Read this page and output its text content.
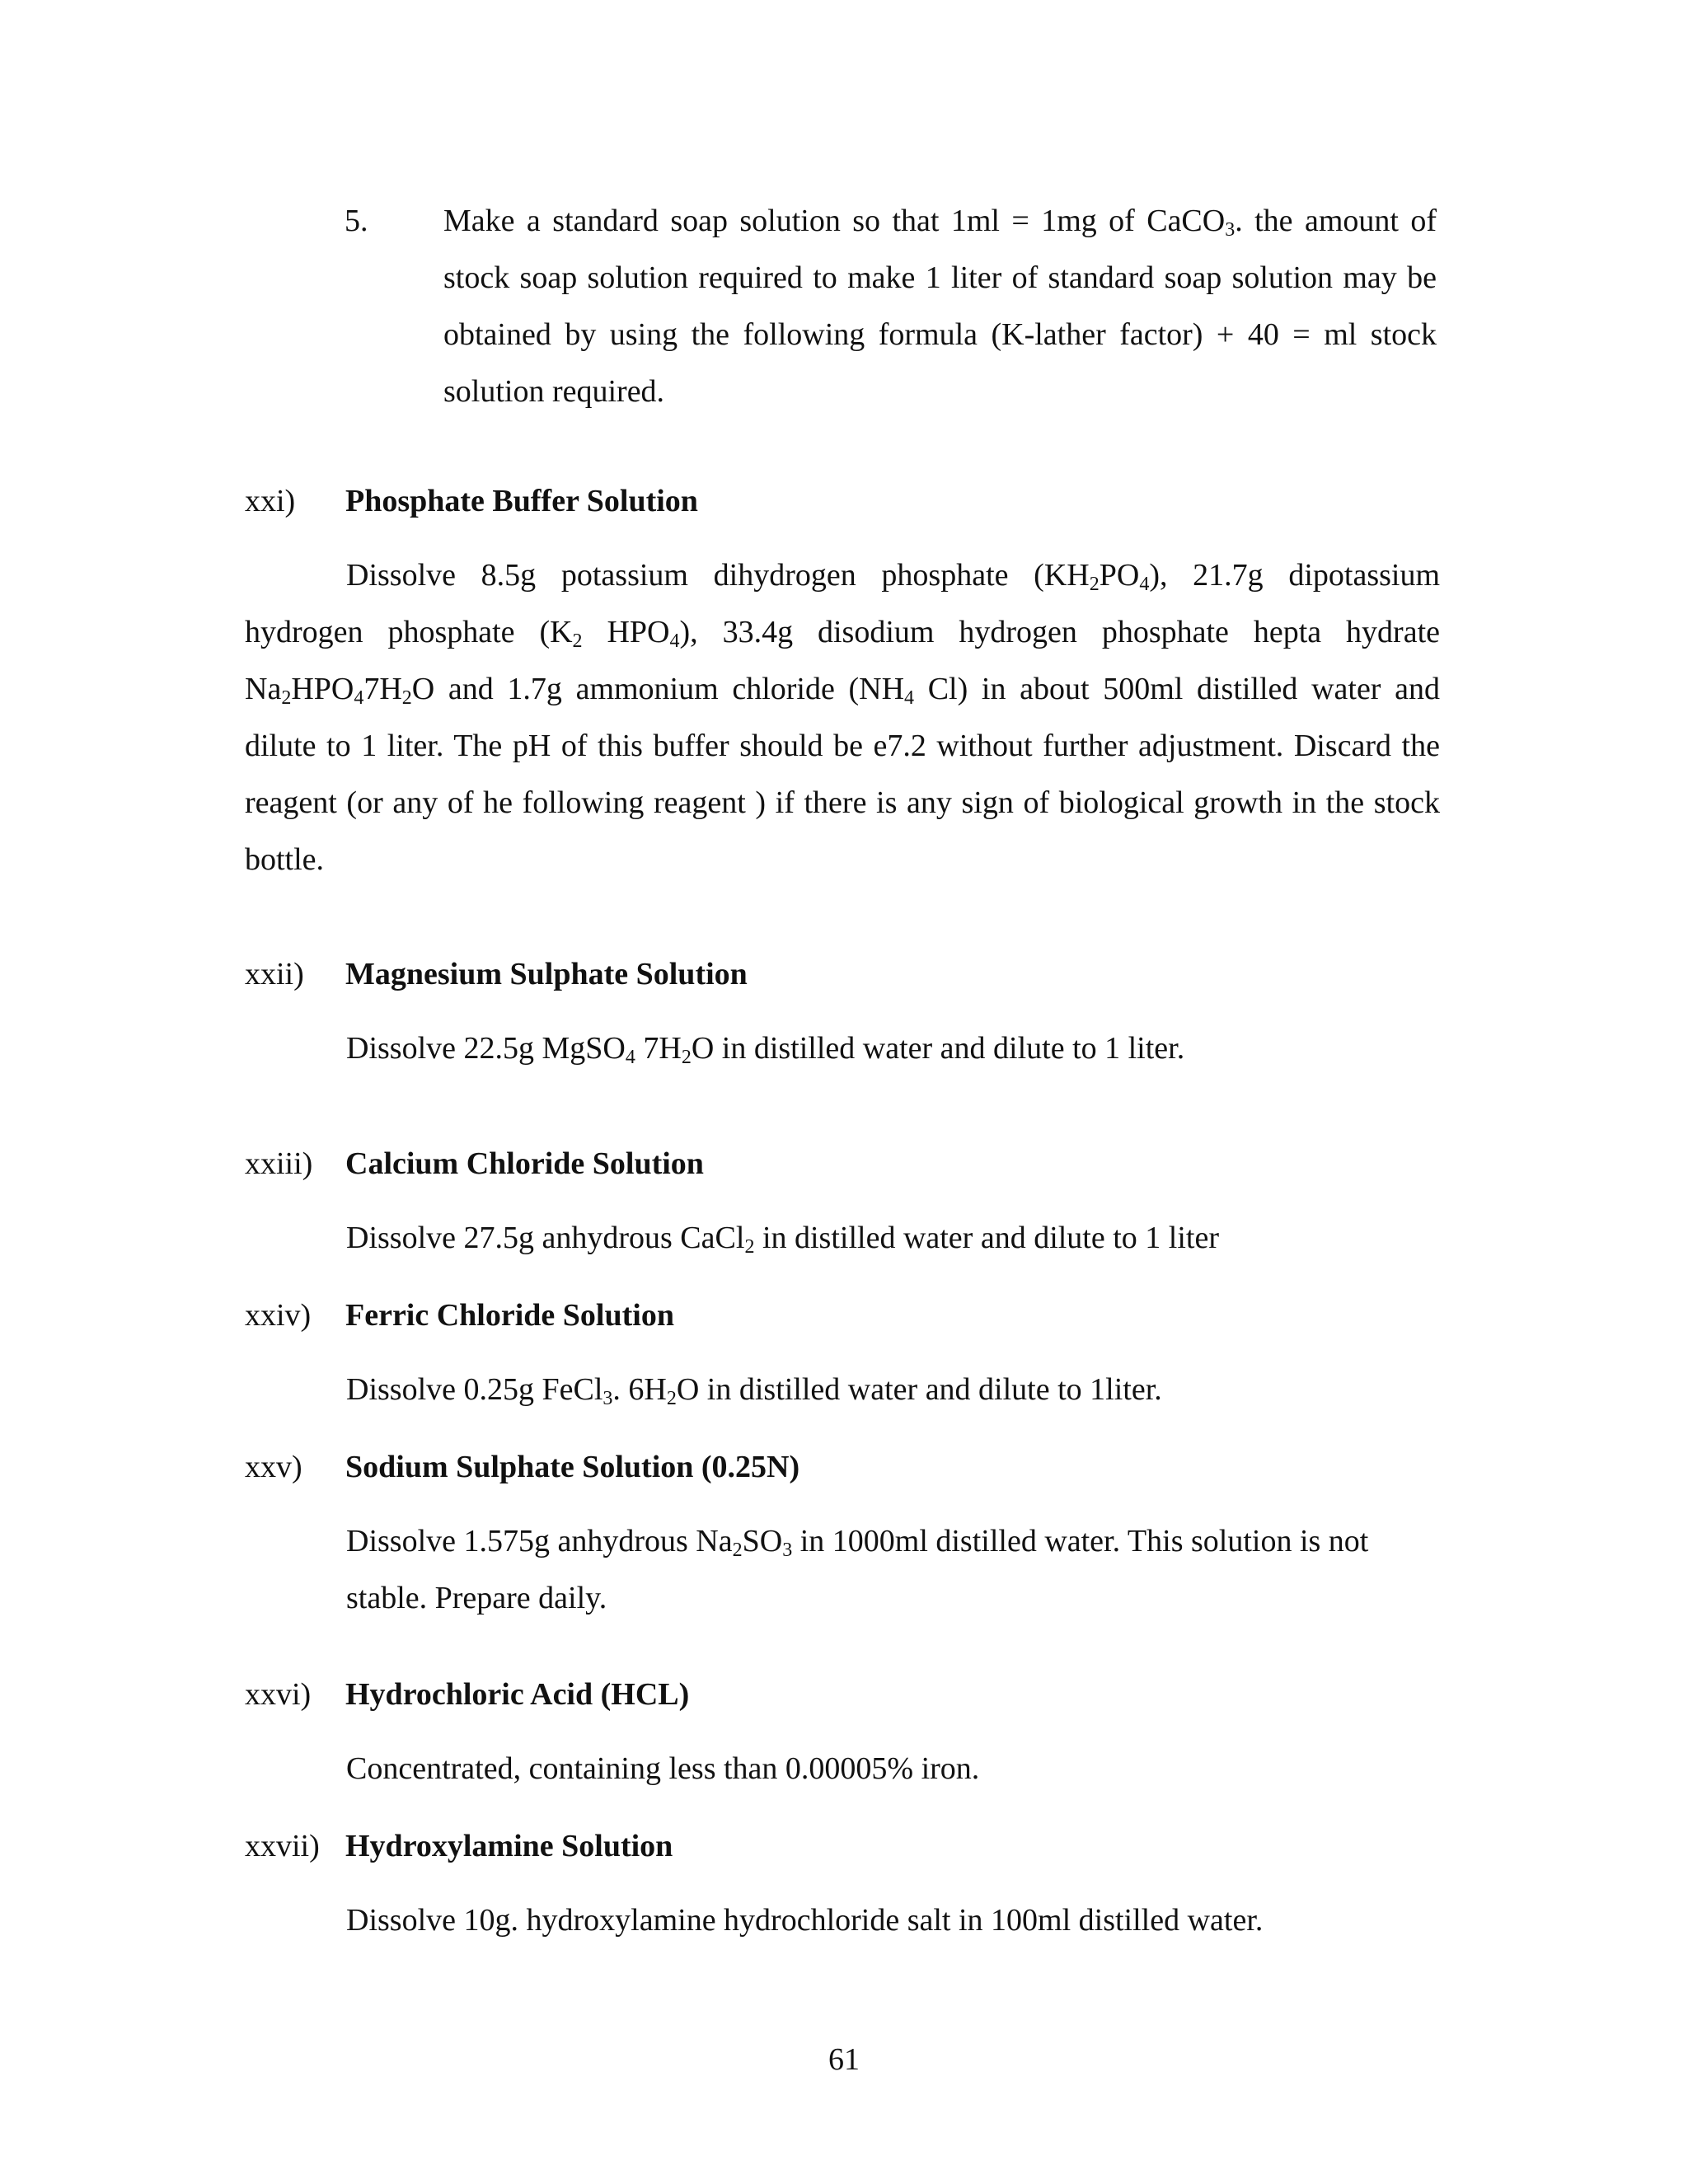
5. Make a standard soap solution so that 1ml = 1mg of CaCO$_3$. the amount of stock soap solution required to make 1 liter of standard soap solution may be obtained by using the following formula (K-lather factor) + 40 = ml stock solution required.
xxi) Phosphate Buffer Solution
Dissolve 8.5g potassium dihydrogen phosphate $(KH_2PO_4)$, 21.7g dipotassium hydrogen phosphate ($K_2$ $HPO_4$), 33.4g disodium hydrogen phosphate hepta hydrate $Na_2HPO_47H_2O$ and 1.7g ammonium chloride ($NH_4$ Cl) in about 500ml distilled water and dilute to 1 liter. The pH of this buffer should be e7.2 without further adjustment. Discard the reagent (or any of he following reagent ) if there is any sign of biological growth in the stock bottle.
xxii) Magnesium Sulphate Solution
Dissolve 22.5g MgSO$_4$ $7H_2O$ in distilled water and dilute to 1 liter.
xxiii) Calcium Chloride Solution
Dissolve 27.5g anhydrous CaCl$_2$ in distilled water and dilute to 1 liter
xxiv) Ferric Chloride Solution
Dissolve 0.25g FeCl$_3$. $6H_2O$ in distilled water and dilute to 1liter.
xxv) Sodium Sulphate Solution (0.25N)
Dissolve 1.575g anhydrous $Na_2SO_3$ in 1000ml distilled water. This solution is not stable. Prepare daily.
xxvi) Hydrochloric Acid (HCL)
Concentrated, containing less than 0.00005% iron.
xxvii) Hydroxylamine Solution
Dissolve 10g. hydroxylamine hydrochloride salt in 100ml distilled water.
61
